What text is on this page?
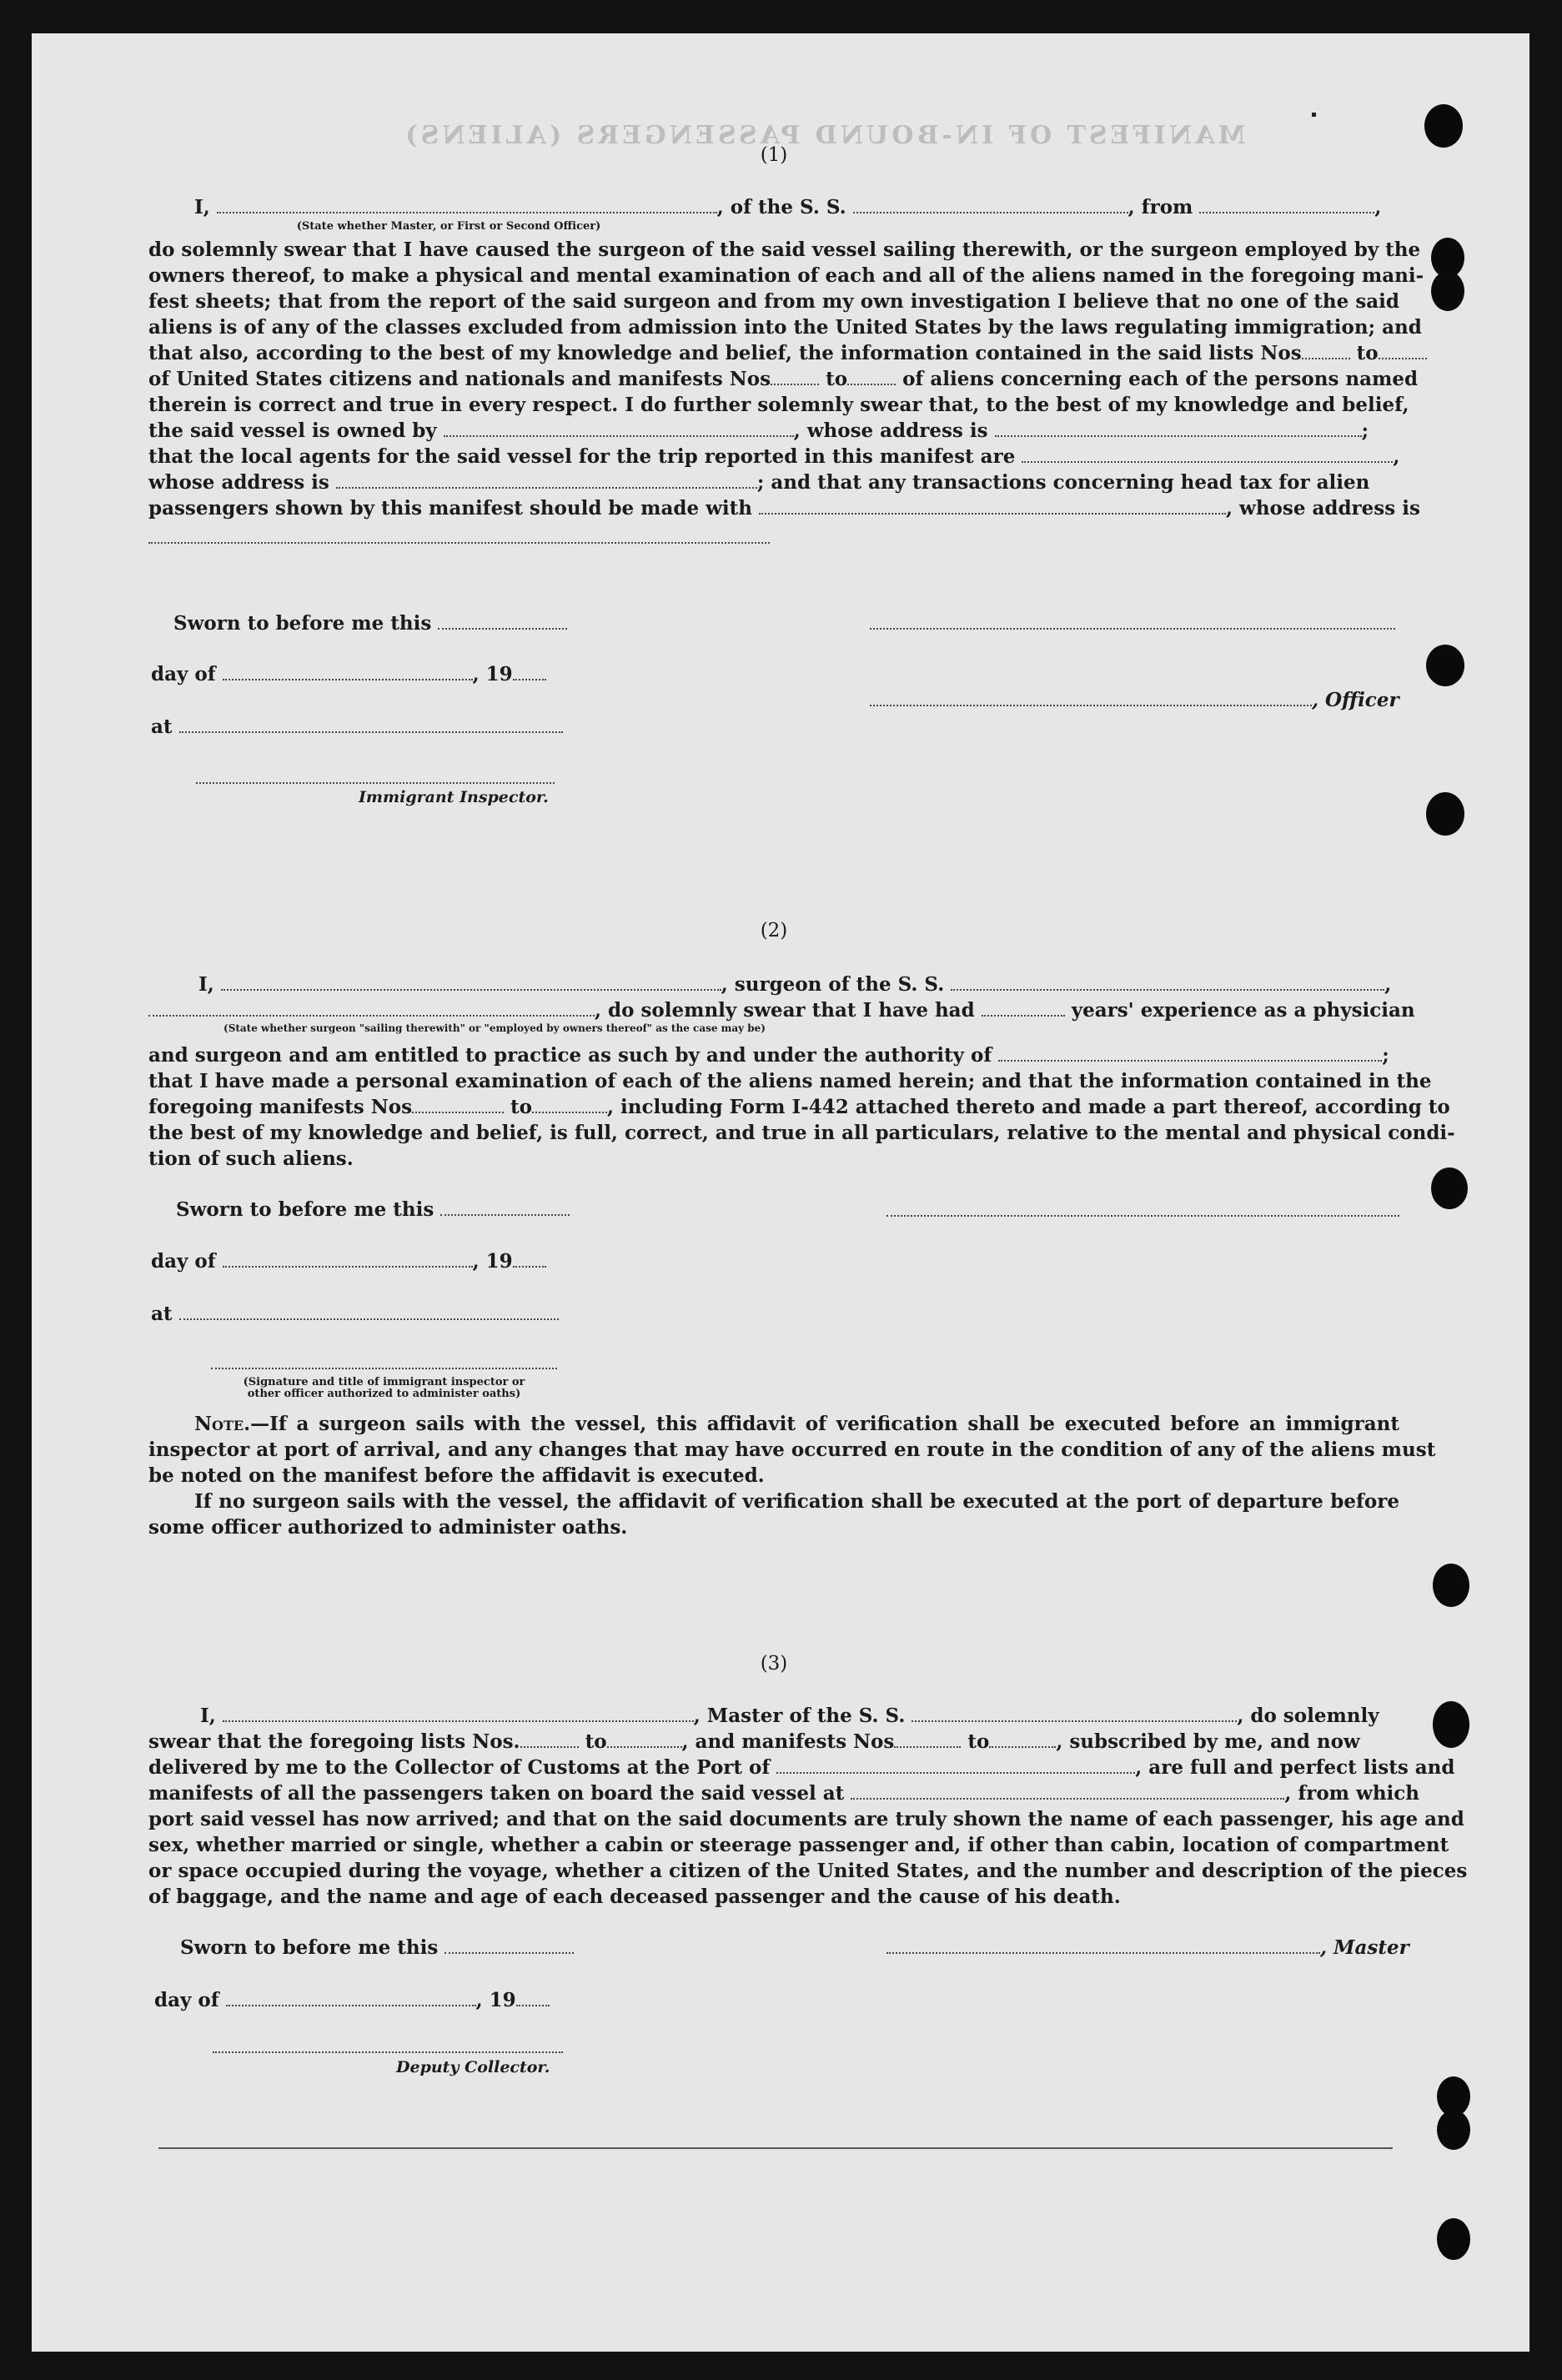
MANIFEST OF IN-BOUND PASSENGERS (ALIENS)
(1)
I,	, of the S. S.	, from	,
(State whether Master, or First or Second Officer)
do solemnly swear that I have caused the surgeon of the said vessel sailing therewith, or the surgeon employed by the
owners thereof, to make a physical and mental examination of each and all of the aliens named in the foregoing mani-
fest sheets; that from the report of the said surgeon and from my own investigation I believe that no one of the said
aliens is of any of the classes excluded from admission into the United States by the laws regulating immigration; and
that also, according to the best of my knowledge and belief, the information contained in the said lists Nos	to
of United States citizens and nationals and manifests Nos	to	of aliens concerning each of the persons named
therein is correct and true in every respect. I do further solemnly swear that, to the best of my knowledge and belief,
the said vessel is owned by	, whose address is	;
that the local agents for the said vessel for the trip reported in this manifest are	,
whose address is	; and that any transactions concerning head tax for alien
passengers shown by this manifest should be made with	, whose address is
Sworn to before me this
day of	, 19
, Officer
at
Immigrant Inspector.
(2)
I,	, surgeon of the S. S.	,
, do solemnly swear that I have had	years' experience as a physician
(State whether surgeon "sailing therewith" or "employed by owners thereof" as the case may be)
and surgeon and am entitled to practice as such by and under the authority of	;
that I have made a personal examination of each of the aliens named herein; and that the information contained in the
foregoing manifests Nos	to	, including Form I-442 attached thereto and made a part thereof, according to
the best of my knowledge and belief, is full, correct, and true in all particulars, relative to the mental and physical condi-
tion of such aliens.
Sworn to before me this
day of	, 19
at
(Signature and title of immigrant inspector or
other officer authorized to administer oaths)
Note.—If a surgeon sails with the vessel, this affidavit of verification shall be executed before an immigrant
inspector at port of arrival, and any changes that may have occurred en route in the condition of any of the aliens must
be noted on the manifest before the affidavit is executed.
If no surgeon sails with the vessel, the affidavit of verification shall be executed at the port of departure before
some officer authorized to administer oaths.
(3)
I,	, Master of the S. S.	, do solemnly
swear that the foregoing lists Nos.	to	, and manifests Nos	to	, subscribed by me, and now
delivered by me to the Collector of Customs at the Port of	, are full and perfect lists and
manifests of all the passengers taken on board the said vessel at	, from which
port said vessel has now arrived; and that on the said documents are truly shown the name of each passenger, his age and
sex, whether married or single, whether a cabin or steerage passenger and, if other than cabin, location of compartment
or space occupied during the voyage, whether a citizen of the United States, and the number and description of the pieces
of baggage, and the name and age of each deceased passenger and the cause of his death.
Sworn to before me this	, Master
day of	, 19
Deputy Collector.
